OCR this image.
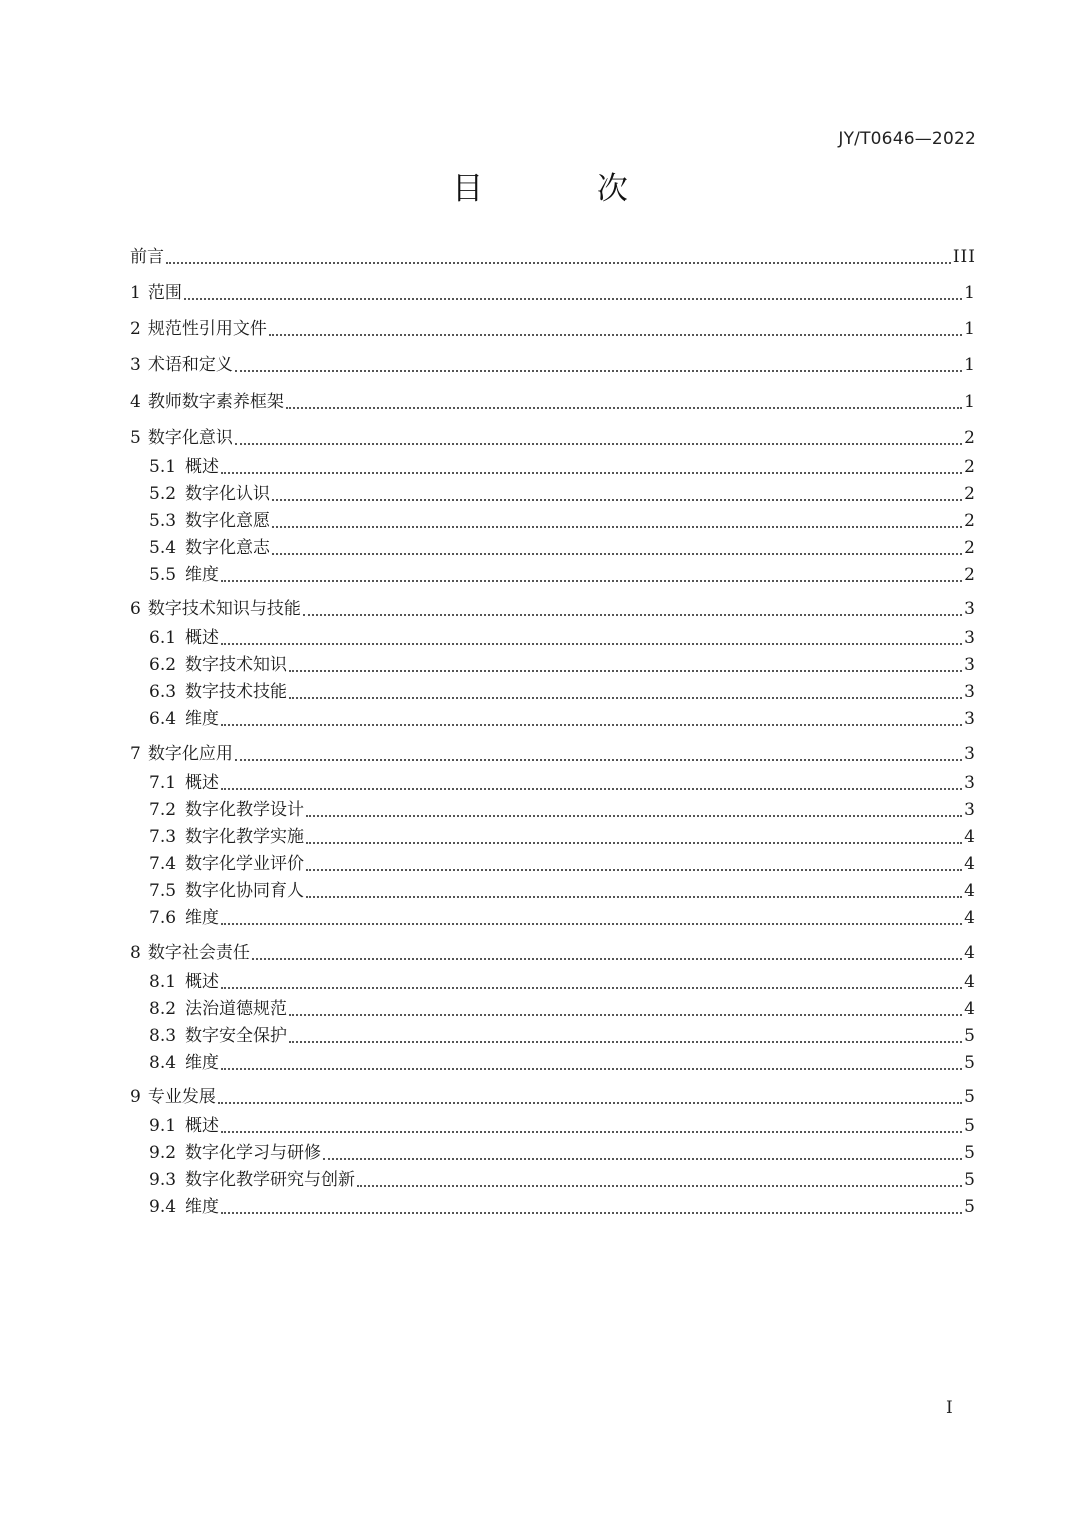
JY/T0646—2022
目 次
前言	III
1 范围	1
2 规范性引用文件	1
3 术语和定义	1
4 教师数字素养框架	1
5 数字化意识	2
5.1 概述	2
5.2 数字化认识	2
5.3 数字化意愿	2
5.4 数字化意志	2
5.5 维度	2
6 数字技术知识与技能	3
6.1 概述	3
6.2 数字技术知识	3
6.3 数字技术技能	3
6.4 维度	3
7 数字化应用	3
7.1 概述	3
7.2 数字化教学设计	3
7.3 数字化教学实施	4
7.4 数字化学业评价	4
7.5 数字化协同育人	4
7.6 维度	4
8 数字社会责任	4
8.1 概述	4
8.2 法治道德规范	4
8.3 数字安全保护	5
8.4 维度	5
9 专业发展	5
9.1 概述	5
9.2 数字化学习与研修	5
9.3 数字化教学研究与创新	5
9.4 维度	5
I
